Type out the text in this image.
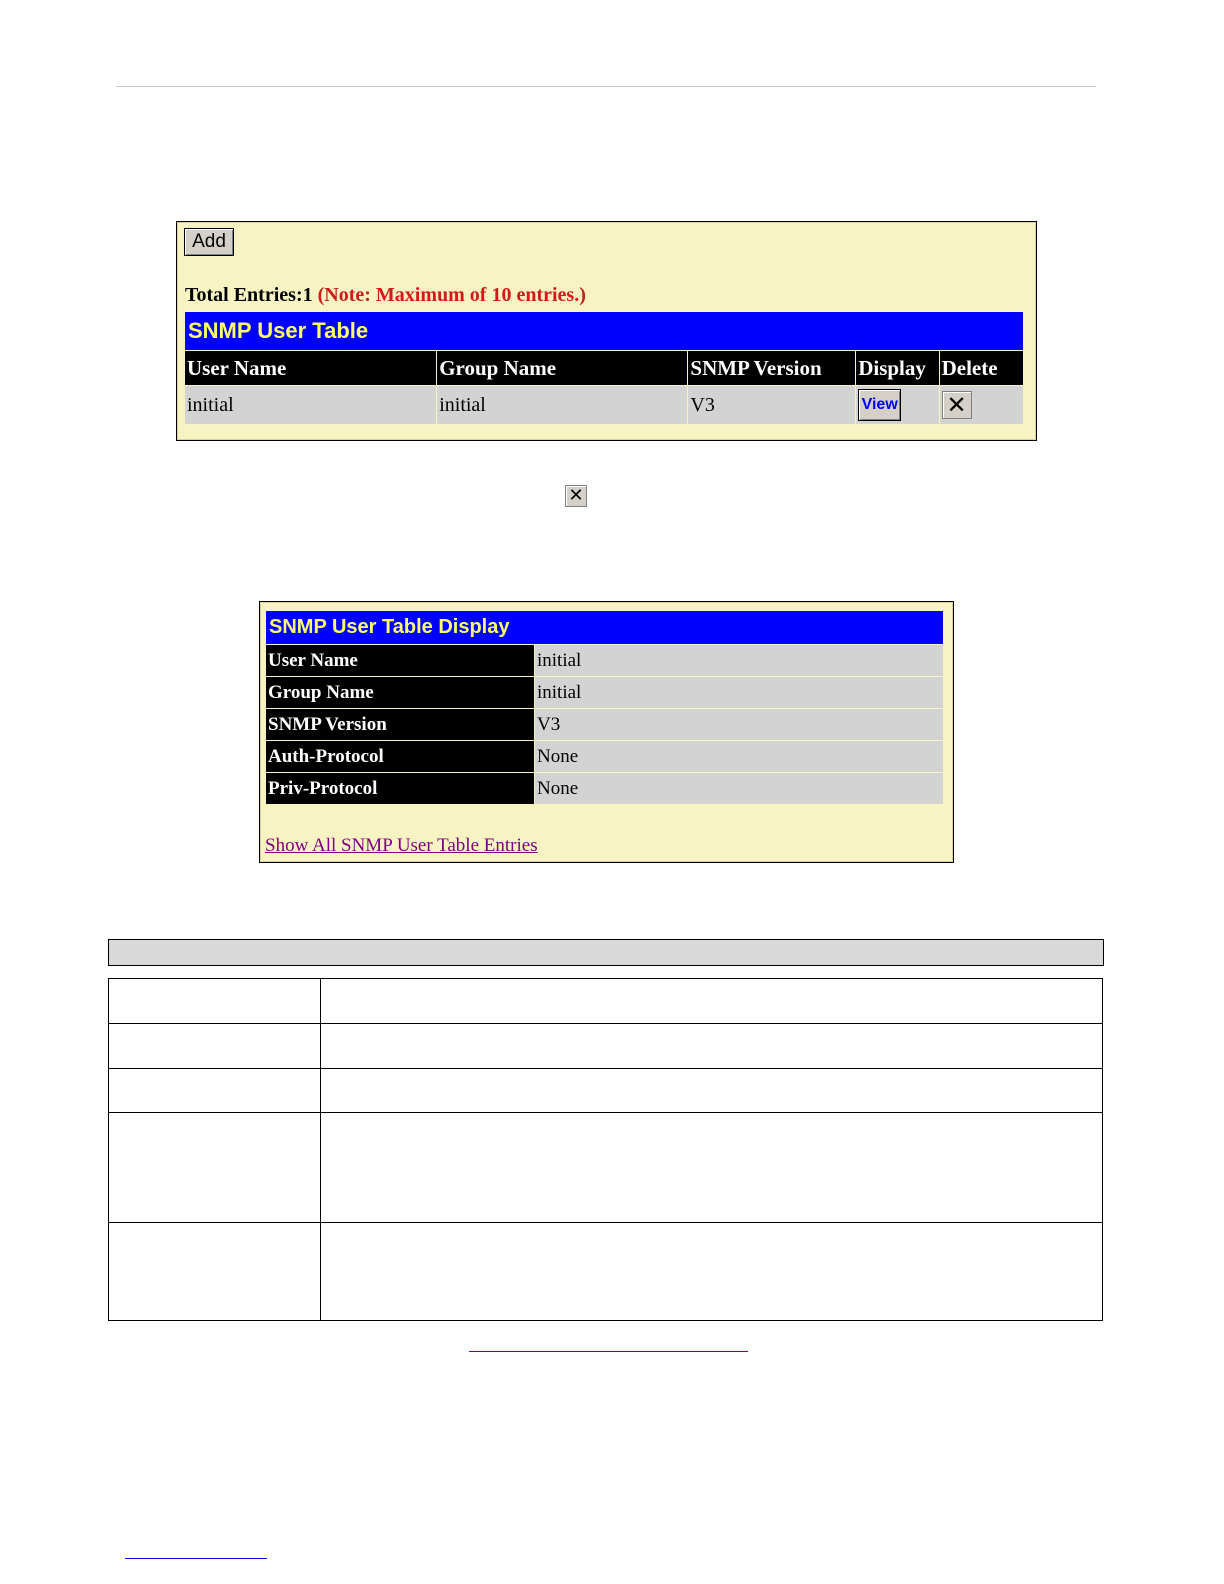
Add
Total Entries:1 (Note: Maximum of 10 entries.)
SNMP User Table
User Name	Group Name	SNMP Version	Display	Delete
initial	initial	V3	View	✕
✕
SNMP User Table Display
User Name	initial
Group Name	initial
SNMP Version	V3
Auth-Protocol	None
Priv-Protocol	None
Show All SNMP User Table Entries
